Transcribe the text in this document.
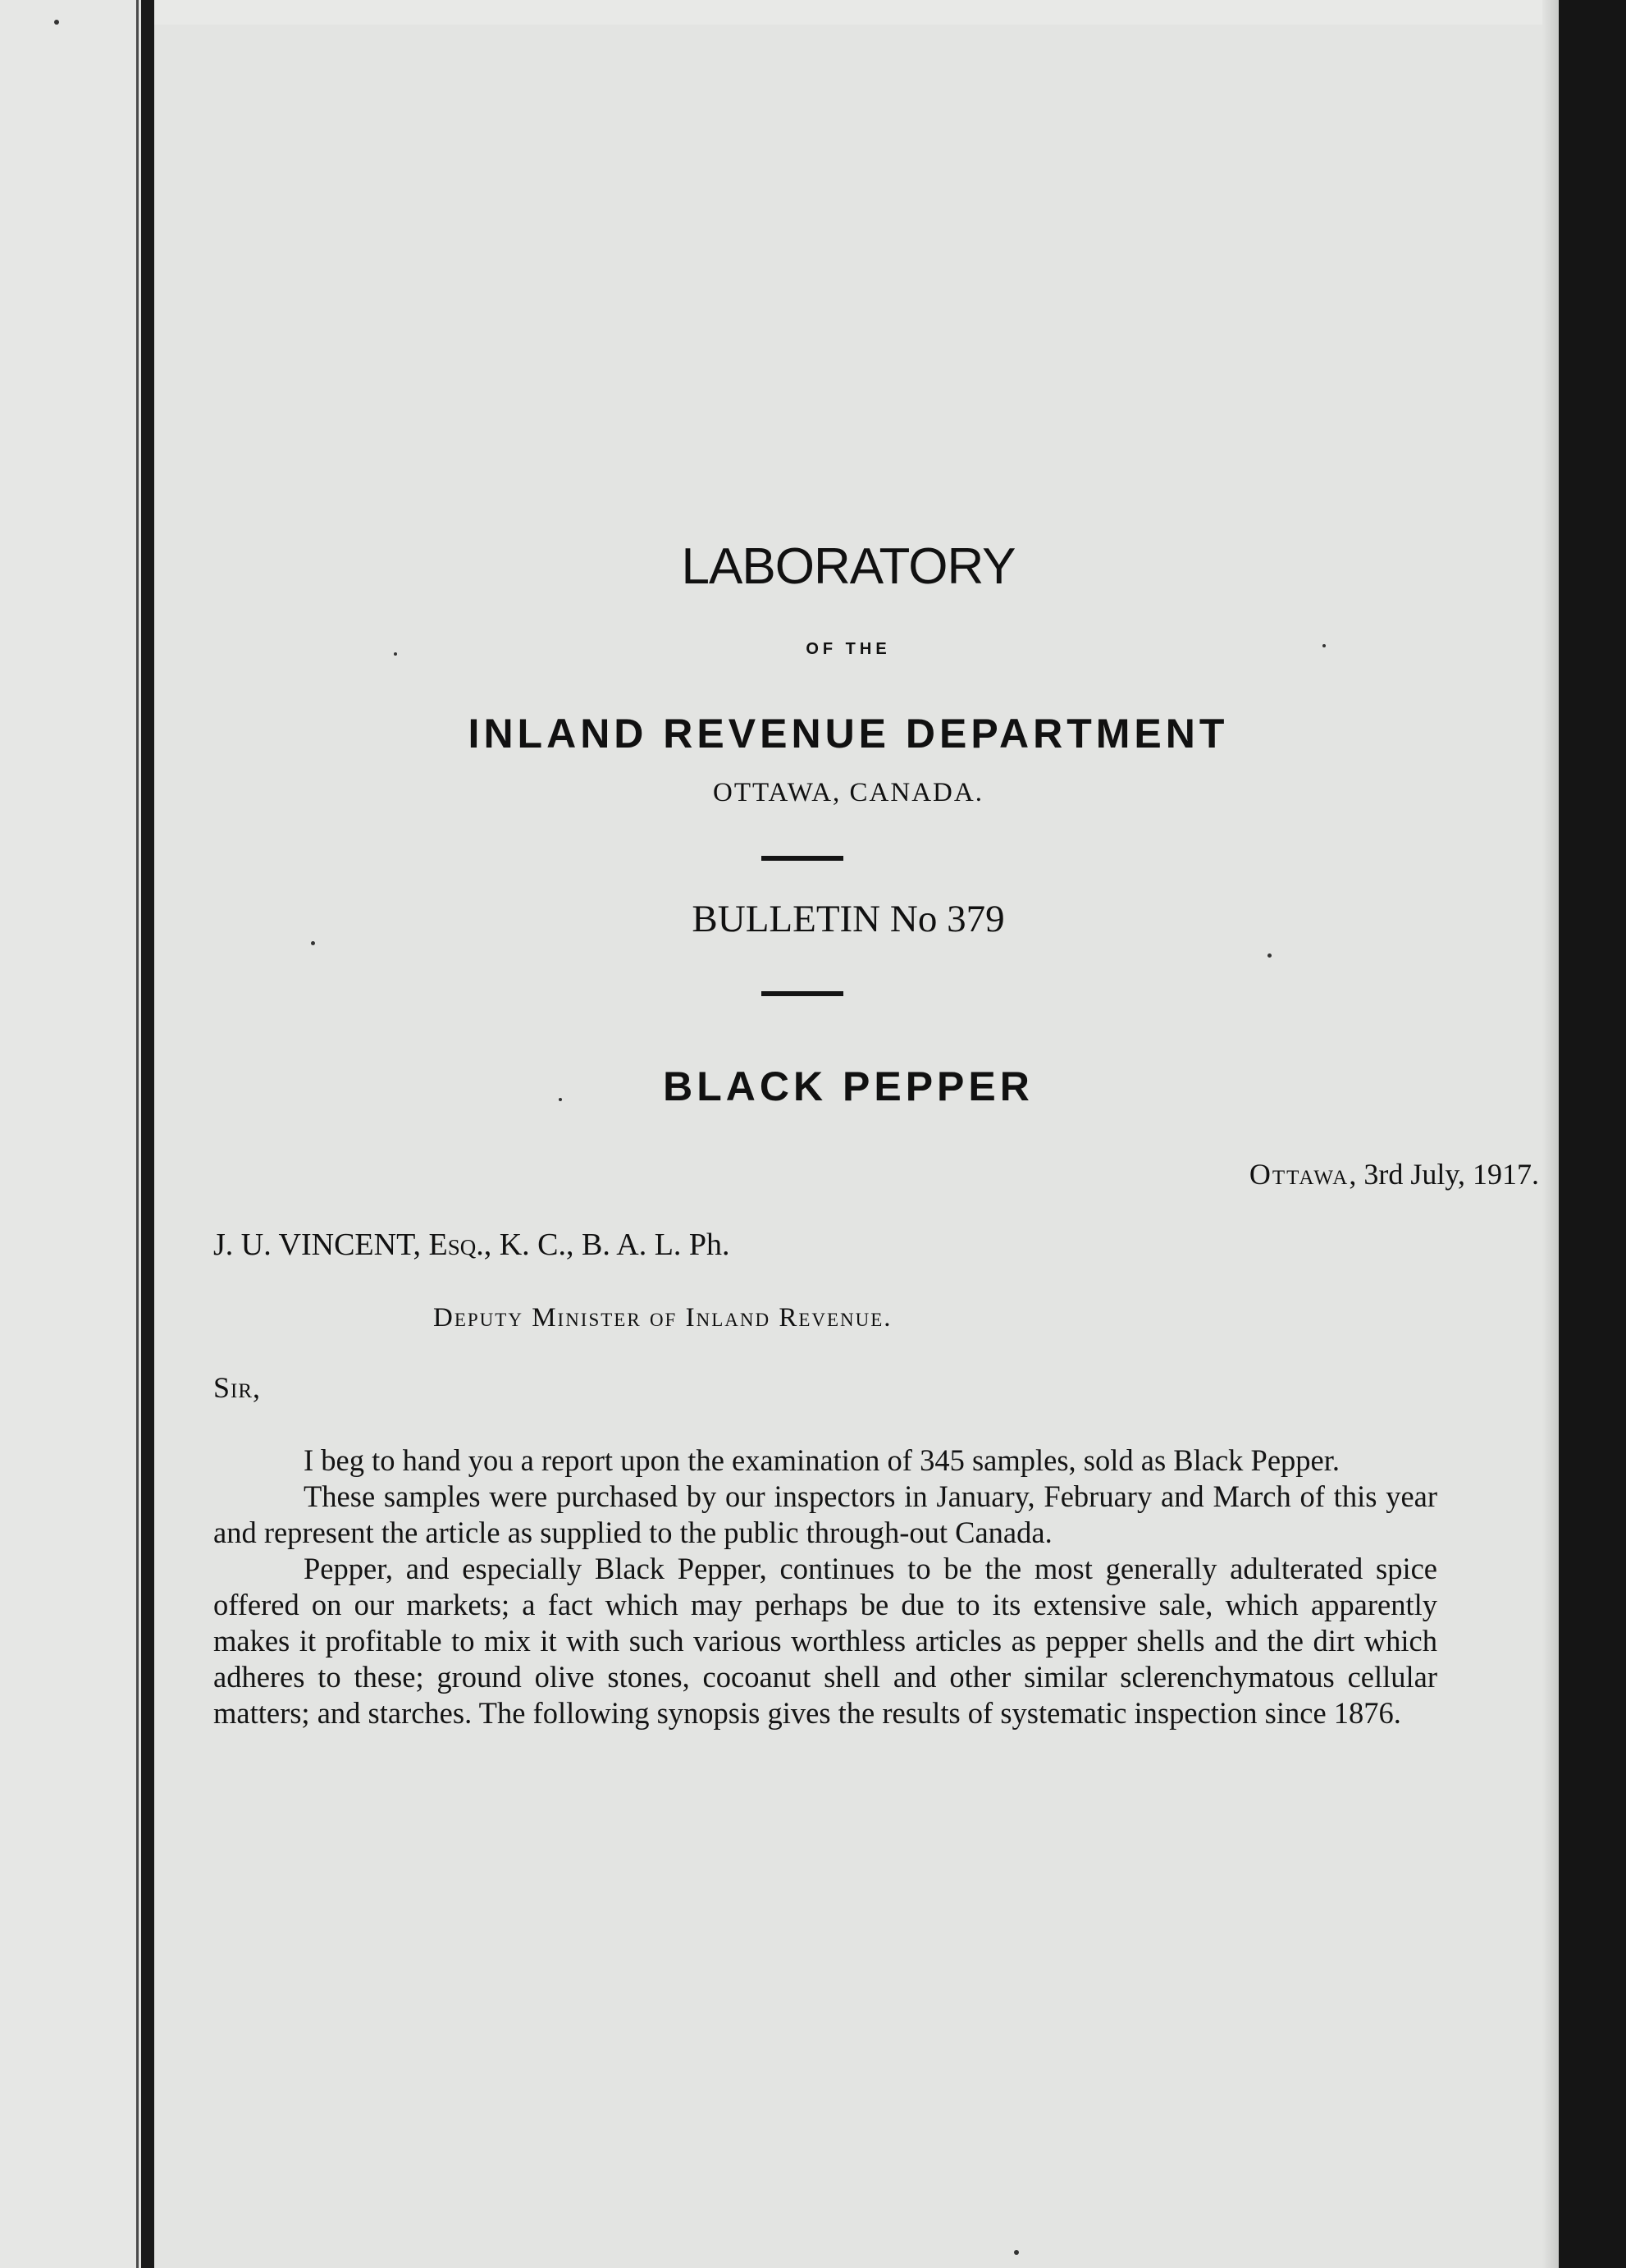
LABORATORY
OF THE
INLAND REVENUE DEPARTMENT
OTTAWA, CANADA.
BULLETIN No 379
BLACK PEPPER
Ottawa, 3rd July, 1917.
J. U. VINCENT, Esq., K. C., B. A. L. Ph.
Deputy Minister of Inland Revenue.
Sir,

I beg to hand you a report upon the examination of 345 samples, sold as Black Pepper.

These samples were purchased by our inspectors in January, February and March of this year and represent the article as supplied to the public through-out Canada.

Pepper, and especially Black Pepper, continues to be the most generally adulterated spice offered on our markets; a fact which may perhaps be due to its extensive sale, which apparently makes it profitable to mix it with such various worthless articles as pepper shells and the dirt which adheres to these; ground olive stones, cocoanut shell and other similar sclerenchymatous cellular matters; and starches. The following synopsis gives the results of systematic inspection since 1876.
